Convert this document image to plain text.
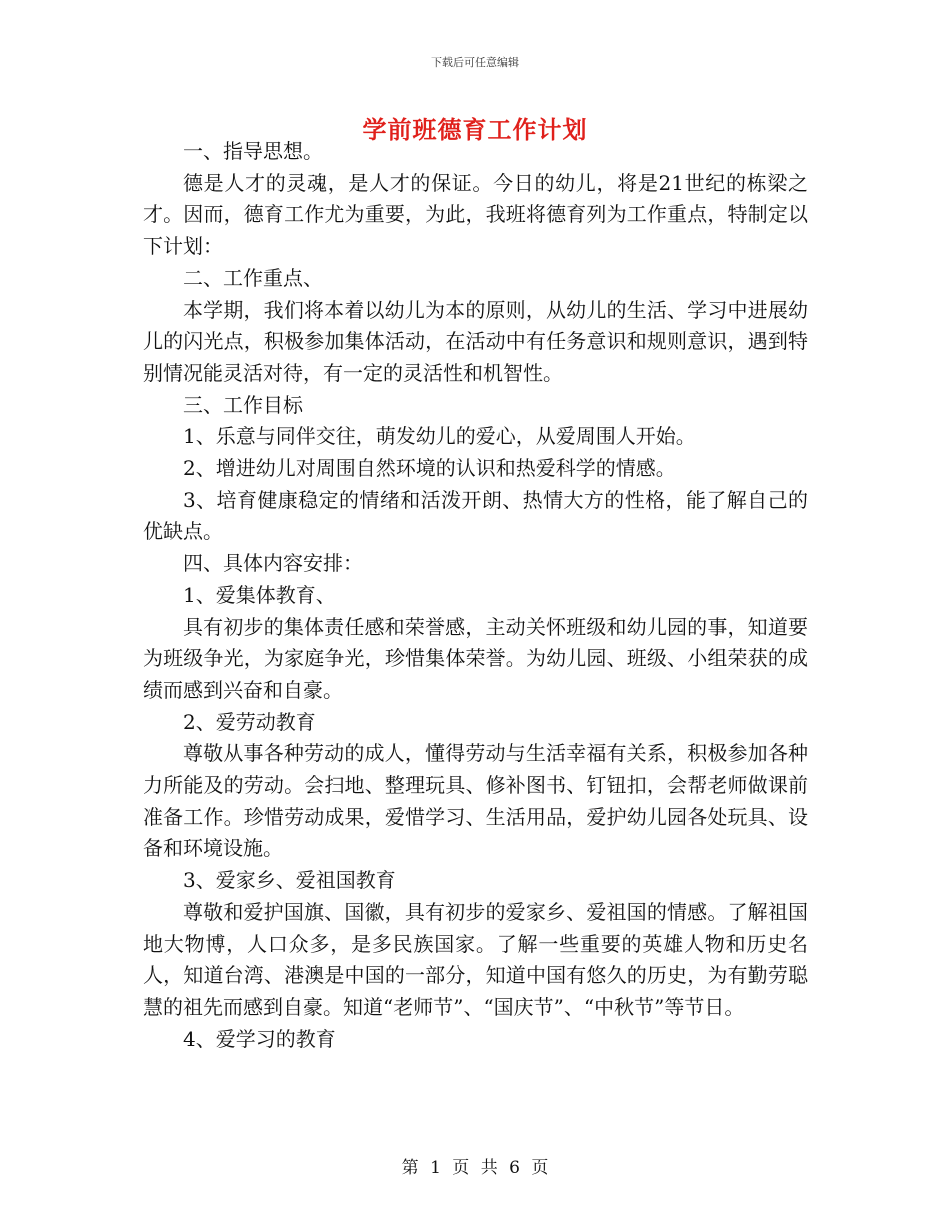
下载后可任意编辑
学前班德育工作计划

一、指导思想。

德是人才的灵魂，是人才的保证。今日的幼儿，将是21世纪的栋梁之才。因而，德育工作尤为重要，为此，我班将德育列为工作重点，特制定以下计划：

二、工作重点、

本学期，我们将本着以幼儿为本的原则，从幼儿的生活、学习中进展幼儿的闪光点，积极参加集体活动，在活动中有任务意识和规则意识，遇到特别情况能灵活对待，有一定的灵活性和机智性。

三、工作目标

1、乐意与同伴交往，萌发幼儿的爱心，从爱周围人开始。

2、增进幼儿对周围自然环境的认识和热爱科学的情感。

3、培育健康稳定的情绪和活泼开朗、热情大方的性格，能了解自己的优缺点。

四、具体内容安排：

1、爱集体教育、

具有初步的集体责任感和荣誉感，主动关怀班级和幼儿园的事，知道要为班级争光，为家庭争光，珍惜集体荣誉。为幼儿园、班级、小组荣获的成绩而感到兴奋和自豪。

2、爱劳动教育

尊敬从事各种劳动的成人，懂得劳动与生活幸福有关系，积极参加各种力所能及的劳动。会扫地、整理玩具、修补图书、钉钮扣，会帮老师做课前准备工作。珍惜劳动成果，爱惜学习、生活用品，爱护幼儿园各处玩具、设备和环境设施。

3、爱家乡、爱祖国教育

尊敬和爱护国旗、国徽，具有初步的爱家乡、爱祖国的情感。了解祖国地大物博，人口众多，是多民族国家。了解一些重要的英雄人物和历史名人，知道台湾、港澳是中国的一部分，知道中国有悠久的历史，为有勤劳聪慧的祖先而感到自豪。知道“老师节”、“国庆节”、“中秋节”等节日。

4、爱学习的教育

第 1 页 共 6 页
